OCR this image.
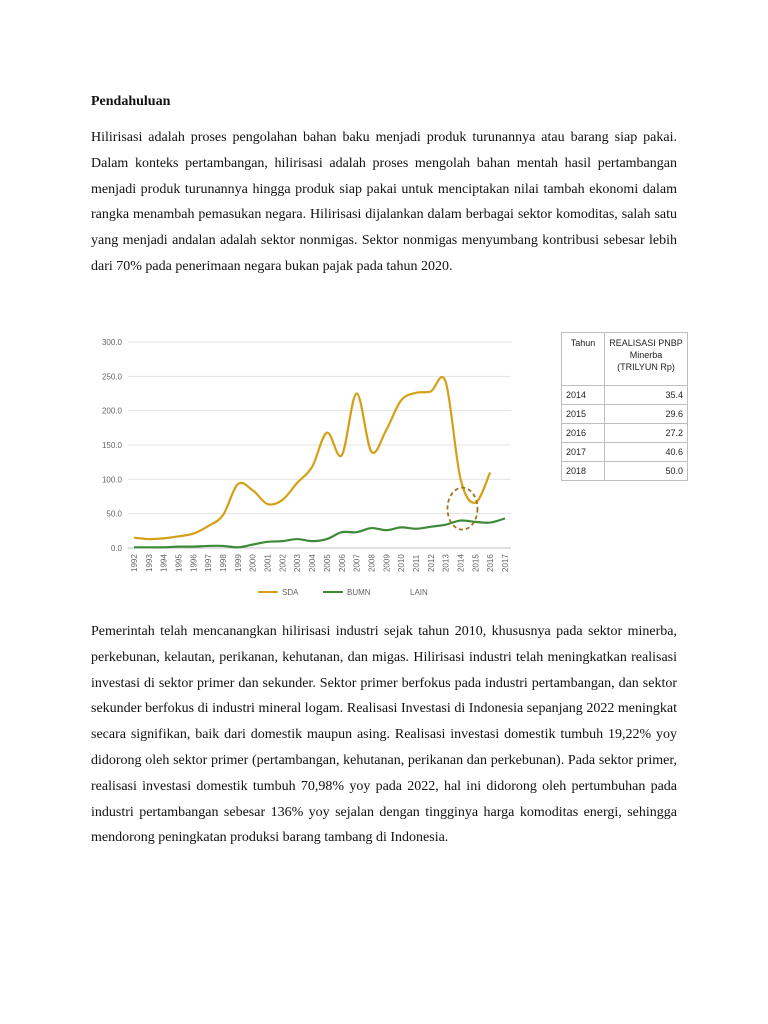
Pendahuluan

Hilirisasi adalah proses pengolahan bahan baku menjadi produk turunannya atau barang siap pakai. Dalam konteks pertambangan, hilirisasi adalah proses mengolah bahan mentah hasil pertambangan menjadi produk turunannya hingga produk siap pakai untuk menciptakan nilai tambah ekonomi dalam rangka menambah pemasukan negara. Hilirisasi dijalankan dalam berbagai sektor komoditas, salah satu yang menjadi andalan adalah sektor nonmigas. Sektor nonmigas menyumbang kontribusi sebesar lebih dari 70% pada penerimaan negara bukan pajak pada tahun 2020.

0.0
50.0
100.0
150.0
200.0
250.0
300.0
1992 1993 1994 1995 1996 1997 1998 1999 2000 2001 2002 2003 2004 2005 2006 2007 2008 2009 2010 2011 2012 2013 2014 2015 2016 2017
SDA	BUMN	LAIN
Tahun	REALISASI PNBP
Minerba
(TRILYUN Rp)

2014	35.4
2015	29.6
2016	27.2
2017	40.6
2018	50.0

Pemerintah telah mencanangkan hilirisasi industri sejak tahun 2010, khususnya pada sektor minerba, perkebunan, kelautan, perikanan, kehutanan, dan migas. Hilirisasi industri telah meningkatkan realisasi investasi di sektor primer dan sekunder. Sektor primer berfokus pada industri pertambangan, dan sektor sekunder berfokus di industri mineral logam. Realisasi Investasi di Indonesia sepanjang 2022 meningkat secara signifikan, baik dari domestik maupun asing. Realisasi investasi domestik tumbuh 19,22% yoy didorong oleh sektor primer (pertambangan, kehutanan, perikanan dan perkebunan). Pada sektor primer, realisasi investasi domestik tumbuh 70,98% yoy pada 2022, hal ini didorong oleh pertumbuhan pada industri pertambangan sebesar 136% yoy sejalan dengan tingginya harga komoditas energi, sehingga mendorong peningkatan produksi barang tambang di Indonesia.
